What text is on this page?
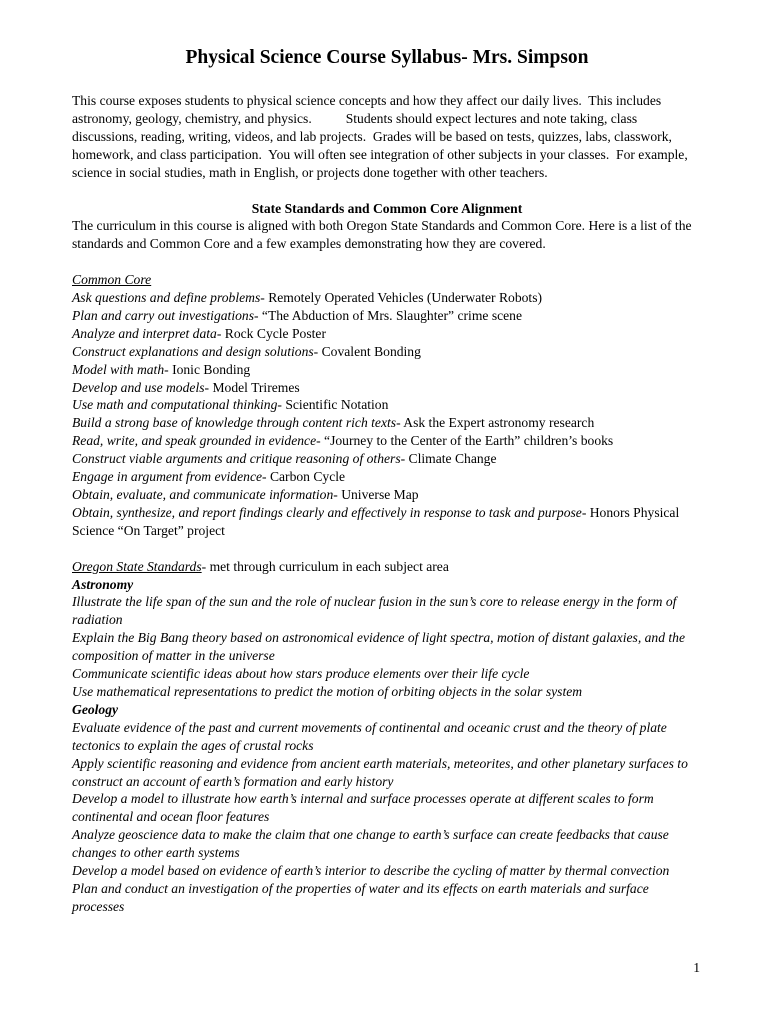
Physical Science Course Syllabus- Mrs. Simpson

This course exposes students to physical science concepts and how they affect our daily lives.  This includes astronomy, geology, chemistry, and physics.          Students should expect lectures and note taking, class discussions, reading, writing, videos, and lab projects.  Grades will be based on tests, quizzes, labs, classwork, homework, and class participation.  You will often see integration of other subjects in your classes.  For example, science in social studies, math in English, or projects done together with other teachers.

State Standards and Common Core Alignment

The curriculum in this course is aligned with both Oregon State Standards and Common Core. Here is a list of the standards and Common Core and a few examples demonstrating how they are covered.

Common Core

Ask questions and define problems- Remotely Operated Vehicles (Underwater Robots)

Plan and carry out investigations- “The Abduction of Mrs. Slaughter” crime scene

Analyze and interpret data- Rock Cycle Poster

Construct explanations and design solutions- Covalent Bonding

Model with math- Ionic Bonding

Develop and use models- Model Triremes

Use math and computational thinking- Scientific Notation

Build a strong base of knowledge through content rich texts- Ask the Expert astronomy research

Read, write, and speak grounded in evidence- “Journey to the Center of the Earth” children’s books

Construct viable arguments and critique reasoning of others- Climate Change

Engage in argument from evidence- Carbon Cycle

Obtain, evaluate, and communicate information- Universe Map

Obtain, synthesize, and report findings clearly and effectively in response to task and purpose- Honors Physical Science “On Target” project

Oregon State Standards- met through curriculum in each subject area

Astronomy

Illustrate the life span of the sun and the role of nuclear fusion in the sun’s core to release energy in the form of radiation

Explain the Big Bang theory based on astronomical evidence of light spectra, motion of distant galaxies, and the composition of matter in the universe

Communicate scientific ideas about how stars produce elements over their life cycle

Use mathematical representations to predict the motion of orbiting objects in the solar system

Geology

Evaluate evidence of the past and current movements of continental and oceanic crust and the theory of plate tectonics to explain the ages of crustal rocks

Apply scientific reasoning and evidence from ancient earth materials, meteorites, and other planetary surfaces to construct an account of earth’s formation and early history

Develop a model to illustrate how earth’s internal and surface processes operate at different scales to form continental and ocean floor features

Analyze geoscience data to make the claim that one change to earth’s surface can create feedbacks that cause changes to other earth systems

Develop a model based on evidence of earth’s interior to describe the cycling of matter by thermal convection

Plan and conduct an investigation of the properties of water and its effects on earth materials and surface processes

1
